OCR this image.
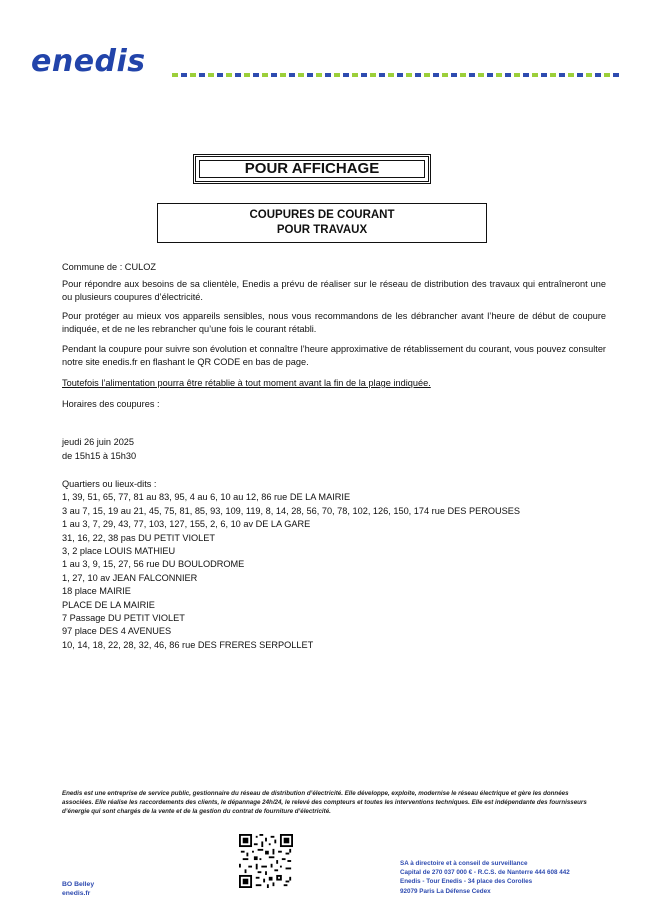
enedis
POUR AFFICHAGE
COUPURES DE COURANT
POUR TRAVAUX
Commune de : CULOZ
Pour répondre aux besoins de sa clientèle, Enedis a prévu de réaliser sur le réseau de distribution des travaux qui entraîneront une ou plusieurs coupures d’électricité.
Pour protéger au mieux vos appareils sensibles, nous vous recommandons de les débrancher avant l’heure de début de coupure indiquée, et de ne les rebrancher qu’une fois le courant rétabli.
Pendant la coupure pour suivre son évolution et connaître l’heure approximative de rétablissement du courant, vous pouvez consulter notre site enedis.fr en flashant le QR CODE en bas de page.
Toutefois l’alimentation pourra être rétablie à tout moment avant la fin de la plage indiquée.
Horaires des coupures :
jeudi 26 juin 2025
de 15h15 à 15h30
Quartiers ou lieux-dits :
1, 39, 51, 65, 77, 81 au 83, 95, 4 au 6, 10 au 12, 86 rue DE LA MAIRIE
3 au 7, 15, 19 au 21, 45, 75, 81, 85, 93, 109, 119, 8, 14, 28, 56, 70, 78, 102, 126, 150, 174 rue DES PEROUSES
1 au 3, 7, 29, 43, 77, 103, 127, 155, 2, 6, 10 av DE LA GARE
31, 16, 22, 38 pas DU PETIT VIOLET
3, 2 place LOUIS MATHIEU
1 au 3, 9, 15, 27, 56 rue DU BOULODROME
1, 27, 10 av JEAN FALCONNIER
18 place MAIRIE
PLACE DE LA MAIRIE
7 Passage DU PETIT VIOLET
97 place DES 4 AVENUES
10, 14, 18, 22, 28, 32, 46, 86 rue DES FRERES SERPOLLET
Enedis est une entreprise de service public, gestionnaire du réseau de distribution d’électricité. Elle développe, exploite, modernise le réseau électrique et gère les données associées. Elle réalise les raccordements des clients, le dépannage 24h/24, le relevé des compteurs et toutes les interventions techniques. Elle est indépendante des fournisseurs d’énergie qui sont chargés de la vente et de la gestion du contrat de fourniture d’électricité.
BO Belley
enedis.fr
SA à directoire et à conseil de surveillance
Capital de 270 037 000 € - R.C.S. de Nanterre 444 608 442
Enedis - Tour Enedis - 34 place des Corolles
92079 Paris La Défense Cedex
